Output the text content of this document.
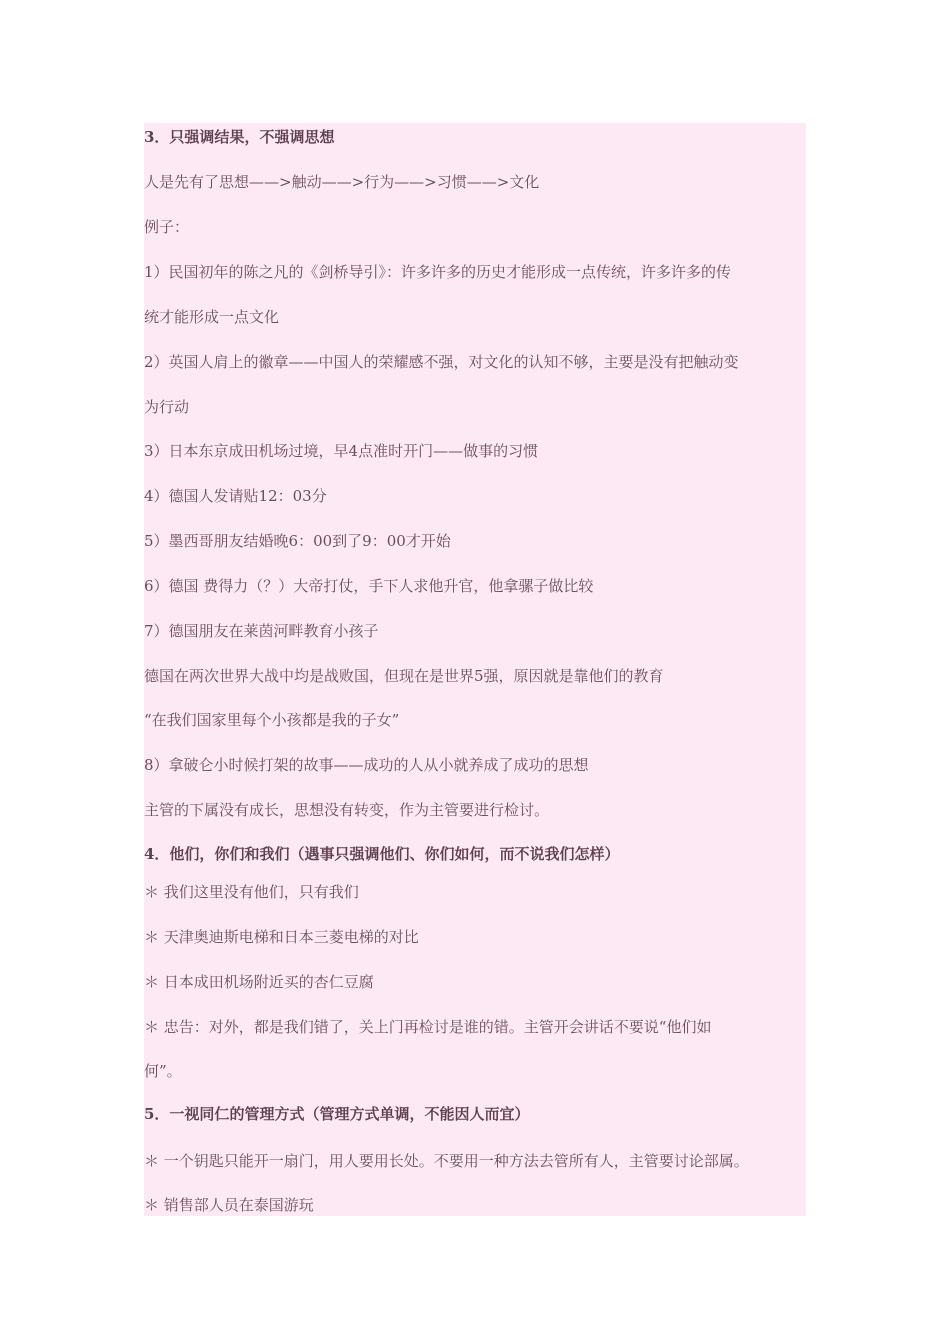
3．只强调结果，不强调思想
人是先有了思想——>触动——>行为——>习惯——>文化
例子：
1）民国初年的陈之凡的《剑桥导引》：许多许多的历史才能形成一点传统，许多许多的传
统才能形成一点文化
2）英国人肩上的徽章——中国人的荣耀感不强，对文化的认知不够，主要是没有把触动变
为行动
3）日本东京成田机场过境，早4点准时开门——做事的习惯
4）德国人发请贴12：03分
5）墨西哥朋友结婚晚6：00到了9：00才开始
6）德国 费得力（？）大帝打仗，手下人求他升官，他拿骡子做比较
7）德国朋友在莱茵河畔教育小孩子
德国在两次世界大战中均是战败国，但现在是世界5强，原因就是靠他们的教育
“在我们国家里每个小孩都是我的子女”
8）拿破仑小时候打架的故事——成功的人从小就养成了成功的思想
主管的下属没有成长，思想没有转变，作为主管要进行检讨。
4．他们，你们和我们（遇事只强调他们、你们如何，而不说我们怎样）
＊ 我们这里没有他们，只有我们
＊ 天津奥迪斯电梯和日本三菱电梯的对比
＊ 日本成田机场附近买的杏仁豆腐
＊ 忠告：对外，都是我们错了，关上门再检讨是谁的错。主管开会讲话不要说“他们如
何”。
5．一视同仁的管理方式（管理方式单调，不能因人而宜）
＊ 一个钥匙只能开一扇门，用人要用长处。不要用一种方法去管所有人，主管要讨论部属。
＊ 销售部人员在泰国游玩
